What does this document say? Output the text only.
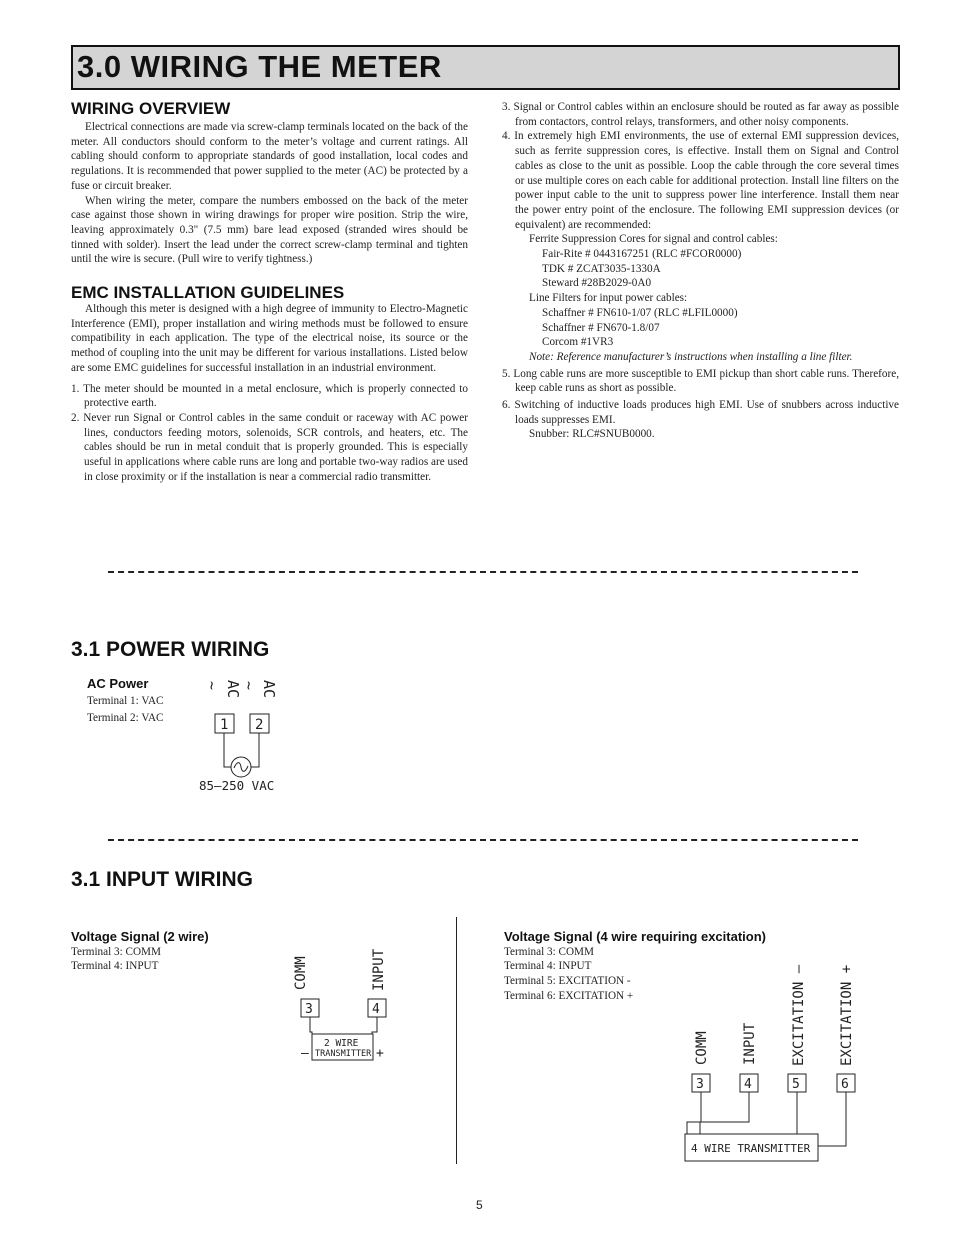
3.0 WIRING THE METER
WIRING OVERVIEW

Electrical connections are made via screw-clamp terminals located on the back of the meter. All conductors should conform to the meter’s voltage and current ratings. All cabling should conform to appropriate standards of good installation, local codes and regulations. It is recommended that power supplied to the meter (AC) be protected by a fuse or circuit breaker.

When wiring the meter, compare the numbers embossed on the back of the meter case against those shown in wiring drawings for proper wire position. Strip the wire, leaving approximately 0.3" (7.5 mm) bare lead exposed (stranded wires should be tinned with solder). Insert the lead under the correct screw-clamp terminal and tighten until the wire is secure. (Pull wire to verify tightness.)

EMC INSTALLATION GUIDELINES

Although this meter is designed with a high degree of immunity to Electro-Magnetic Interference (EMI), proper installation and wiring methods must be followed to ensure compatibility in each application. The type of the electrical noise, its source or the method of coupling into the unit may be different for various installations. Listed below are some EMC guidelines for successful installation in an industrial environment.

1. The meter should be mounted in a metal enclosure, which is properly connected to protective earth.

2. Never run Signal or Control cables in the same conduit or raceway with AC power lines, conductors feeding motors, solenoids, SCR controls, and heaters, etc. The cables should be run in metal conduit that is properly grounded. This is especially useful in applications where cable runs are long and portable two-way radios are used in close proximity or if the installation is near a commercial radio transmitter.

3. Signal or Control cables within an enclosure should be routed as far away as possible from contactors, control relays, transformers, and other noisy components.

4. In extremely high EMI environments, the use of external EMI suppression devices, such as ferrite suppression cores, is effective. Install them on Signal and Control cables as close to the unit as possible. Loop the cable through the core several times or use multiple cores on each cable for additional protection. Install line filters on the power input cable to the unit to suppress power line interference. Install them near the power entry point of the enclosure. The following EMI suppression devices (or equivalent) are recommended:

Ferrite Suppression Cores for signal and control cables:

Fair-Rite # 0443167251 (RLC #FCOR0000)

TDK # ZCAT3035-1330A

Steward #28B2029-0A0

Line Filters for input power cables:

Schaffner # FN610-1/07 (RLC #LFIL0000)

Schaffner # FN670-1.8/07

Corcom #1VR3

Note: Reference manufacturer’s instructions when installing a line filter.

5. Long cable runs are more susceptible to EMI pickup than short cable runs. Therefore, keep cable runs as short as possible.

6. Switching of inductive loads produces high EMI. Use of snubbers across inductive loads suppresses EMI.

Snubber: RLC#SNUB0000.

3.1 POWER WIRING
AC Power
Terminal 1: VAC
Terminal 2: VAC
AC AC
~ ~
1 2
85–250 VAC
3.1 INPUT WIRING
Voltage Signal (2 wire)
Terminal 3: COMM
Terminal 4: INPUT	COMM	INPUT
3	4
2 WIRE
TRANSMITTER
–	+
Voltage Signal (4 wire requiring excitation)
Terminal 3: COMM
Terminal 4: INPUT
Terminal 5: EXCITATION -
Terminal 6: EXCITATION +
COMM INPUT EXCITATION – EXCITATION +
3	4	5	6
4 WIRE TRANSMITTER
5
